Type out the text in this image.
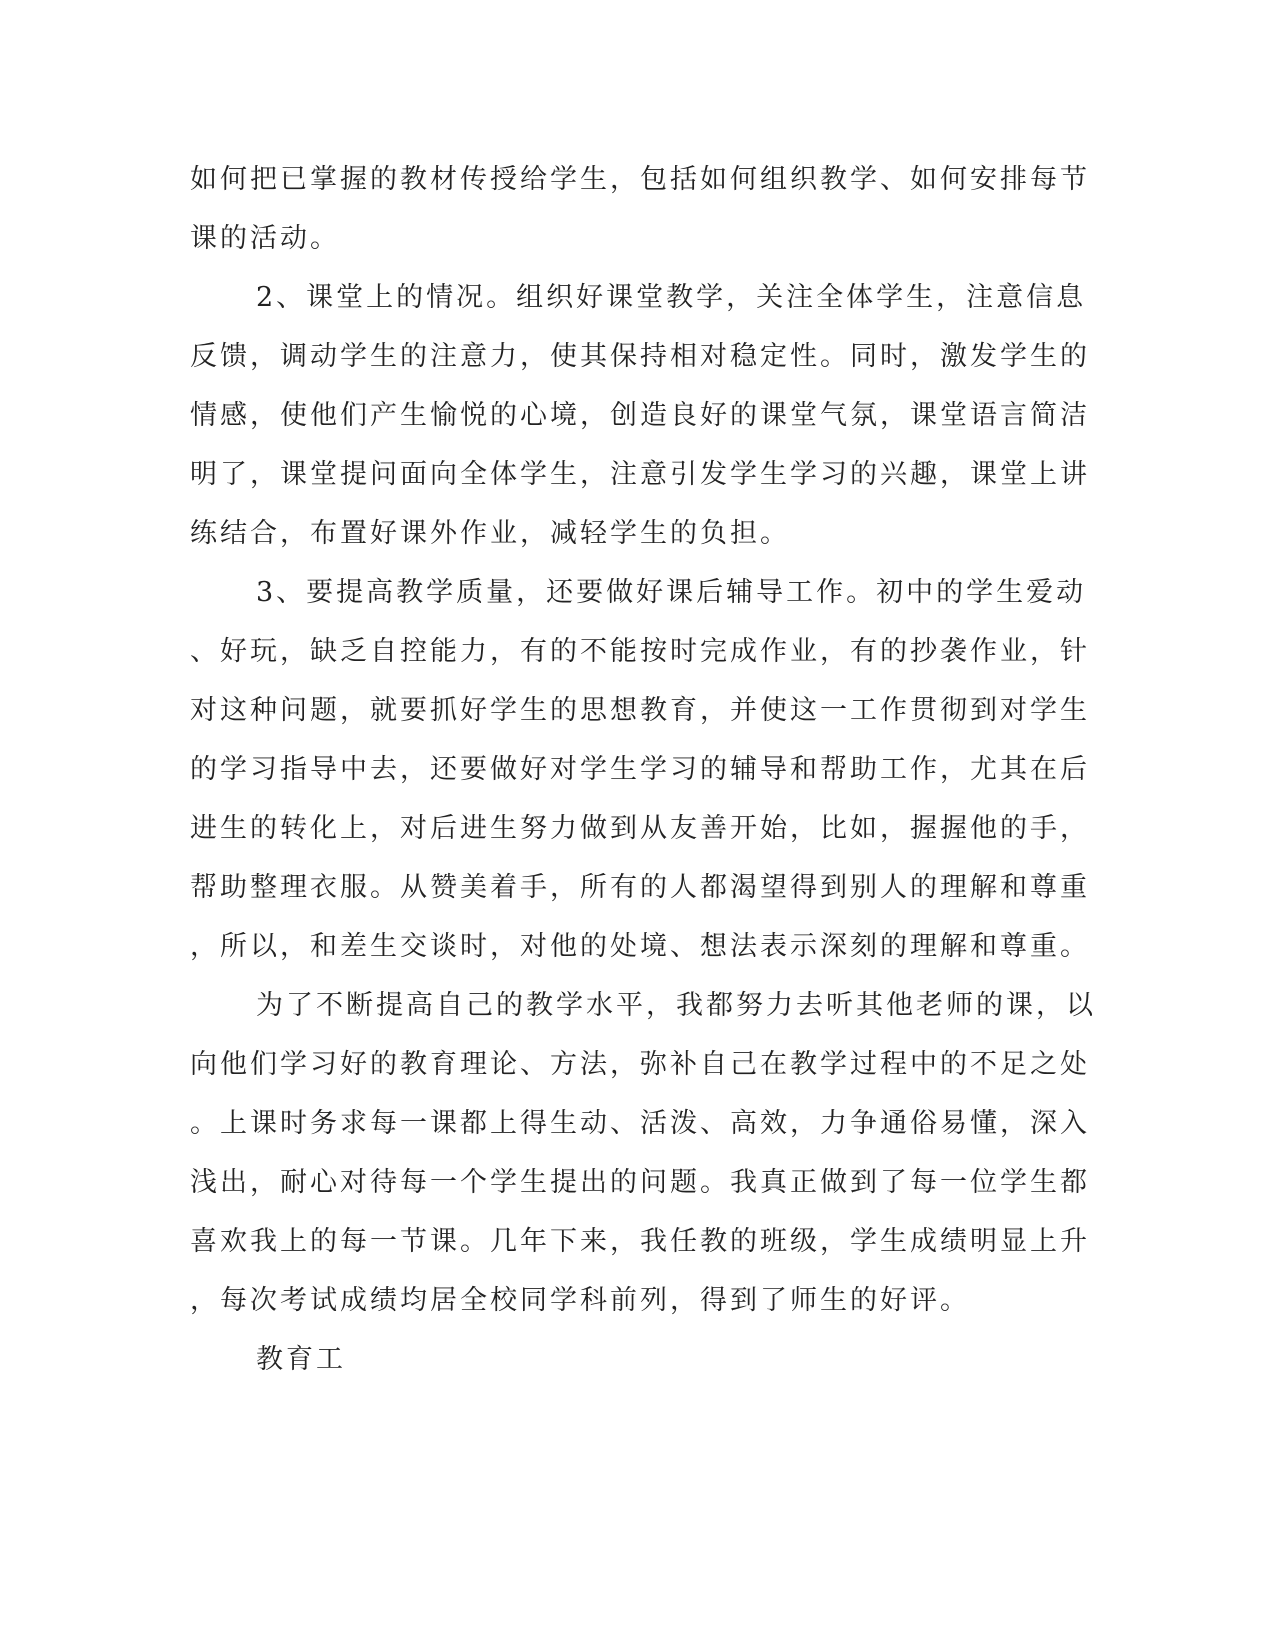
如何把已掌握的教材传授给学生，包括如何组织教学、如何安排每节
课的活动。
2、课堂上的情况。组织好课堂教学，关注全体学生，注意信息
反馈，调动学生的注意力，使其保持相对稳定性。同时，激发学生的
情感，使他们产生愉悦的心境，创造良好的课堂气氛，课堂语言简洁
明了，课堂提问面向全体学生，注意引发学生学习的兴趣，课堂上讲
练结合，布置好课外作业，减轻学生的负担。
3、要提高教学质量，还要做好课后辅导工作。初中的学生爱动
、好玩，缺乏自控能力，有的不能按时完成作业，有的抄袭作业，针
对这种问题，就要抓好学生的思想教育，并使这一工作贯彻到对学生
的学习指导中去，还要做好对学生学习的辅导和帮助工作，尤其在后
进生的转化上，对后进生努力做到从友善开始，比如，握握他的手，
帮助整理衣服。从赞美着手，所有的人都渴望得到别人的理解和尊重
，所以，和差生交谈时，对他的处境、想法表示深刻的理解和尊重。
为了不断提高自己的教学水平，我都努力去听其他老师的课，以
向他们学习好的教育理论、方法，弥补自己在教学过程中的不足之处
。上课时务求每一课都上得生动、活泼、高效，力争通俗易懂，深入
浅出，耐心对待每一个学生提出的问题。我真正做到了每一位学生都
喜欢我上的每一节课。几年下来，我任教的班级，学生成绩明显上升
，每次考试成绩均居全校同学科前列，得到了师生的好评。
教育工
